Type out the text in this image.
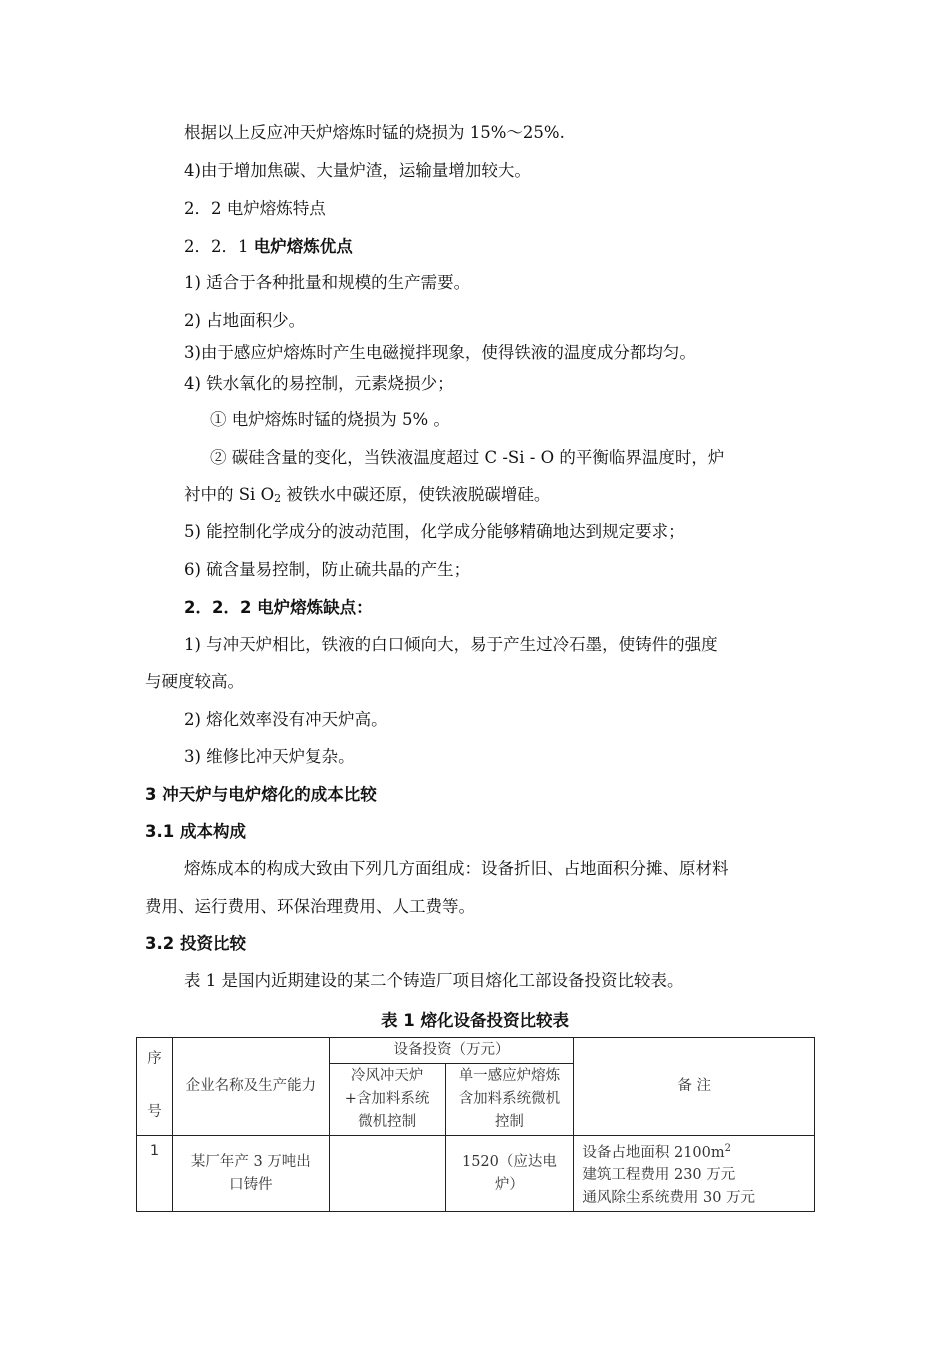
根据以上反应冲天炉熔炼时锰的烧损为 15%～25%.
4)由于增加焦碳、大量炉渣，运输量增加较大。
2．2 电炉熔炼特点
2．2．1 电炉熔炼优点
1) 适合于各种批量和规模的生产需要。
2) 占地面积少。
3)由于感应炉熔炼时产生电磁搅拌现象，使得铁液的温度成分都均匀。
4) 铁水氧化的易控制，元素烧损少；
① 电炉熔炼时锰的烧损为 5% 。
② 碳硅含量的变化，当铁液温度超过 C -Si - O 的平衡临界温度时，炉
衬中的 Si $O_2$ 被铁水中碳还原，使铁液脱碳增硅。
5) 能控制化学成分的波动范围，化学成分能够精确地达到规定要求；
6) 硫含量易控制，防止硫共晶的产生；
2．2．2 电炉熔炼缺点：
1) 与冲天炉相比，铁液的白口倾向大，易于产生过冷石墨，使铸件的强度
与硬度较高。
2) 熔化效率没有冲天炉高。
3) 维修比冲天炉复杂。
3 冲天炉与电炉熔化的成本比较
3.1 成本构成
熔炼成本的构成大致由下列几方面组成：设备折旧、占地面积分摊、原材料
费用、运行费用、环保治理费用、人工费等。
3.2 投资比较
表 1 是国内近期建设的某二个铸造厂项目熔化工部设备投资比较表。
表 1 熔化设备投资比较表
序
号	企业名称及生产能力	设备投资（万元）		备 注
		冷风冲天炉+含加料系统微机控制	单一感应炉熔炼含加料系统微机控制	
1	某厂年产 3 万吨出口铸件		1520（应达电炉）	设备占地面积 $2100m^2$
建筑工程费用 230 万元
通风除尘系统费用 30 万元
